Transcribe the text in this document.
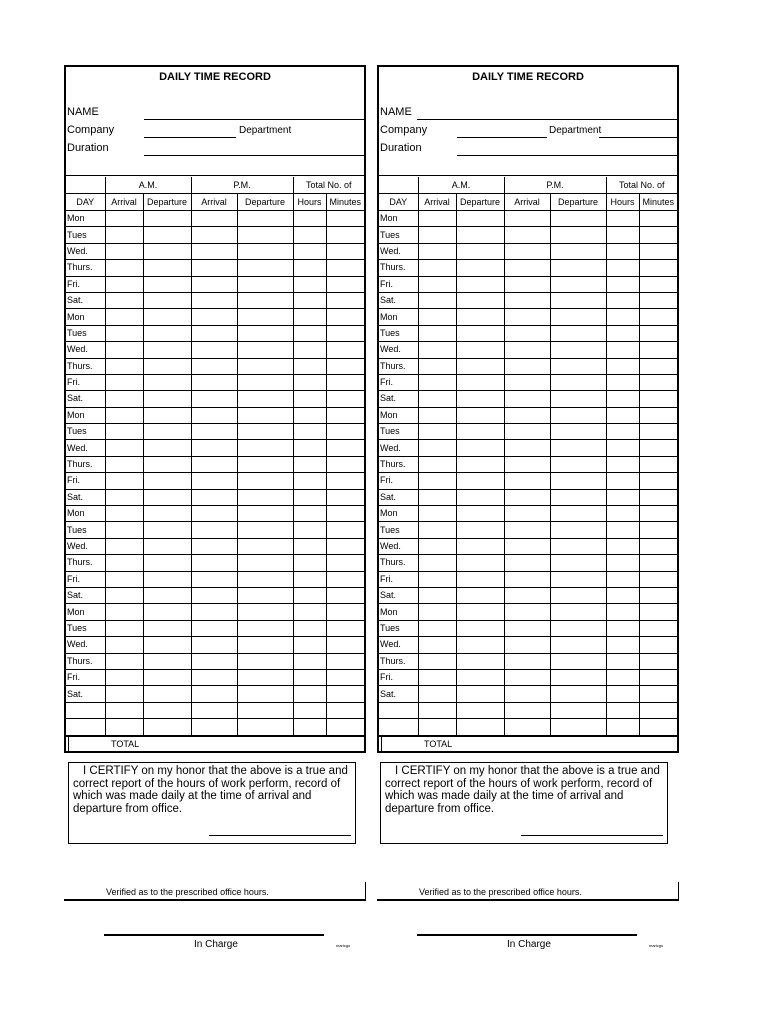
DAILY TIME RECORD
NAME
Company	Department
Duration
	A.M.		P.M.		Total No. of	
DAY	Arrival	Departure	Arrival	Departure	Hours	Minutes
Mon						
Tues						
Wed.						
Thurs.						
Fri.						
Sat.						
Mon						
Tues						
Wed.						
Thurs.						
Fri.						
Sat.						
Mon						
Tues						
Wed.						
Thurs.						
Fri.						
Sat.						
Mon						
Tues						
Wed.						
Thurs.						
Fri.						
Sat.						
Mon						
Tues						
Wed.						
Thurs.						
Fri.						
Sat.						

TOTAL
I CERTIFY on my honor that the above is a true and correct report of the hours of work perform, record of which was made daily at the time of arrival and departure from office.
Verified as to the prescribed office hours.
In Charge	marlcgo
DAILY TIME RECORD
NAME
Company	Department
Duration
	A.M.		P.M.		Total No. of	
DAY	Arrival	Departure	Arrival	Departure	Hours	Minutes
Mon						
Tues						
Wed.						
Thurs.						
Fri.						
Sat.						
Mon						
Tues						
Wed.						
Thurs.						
Fri.						
Sat.						
Mon						
Tues						
Wed.						
Thurs.						
Fri.						
Sat.						
Mon						
Tues						
Wed.						
Thurs.						
Fri.						
Sat.						
Mon						
Tues						
Wed.						
Thurs.						
Fri.						
Sat.						

TOTAL
I CERTIFY on my honor that the above is a true and correct report of the hours of work perform, record of which was made daily at the time of arrival and departure from office.
Verified as to the prescribed office hours.
In Charge	marlcgo
